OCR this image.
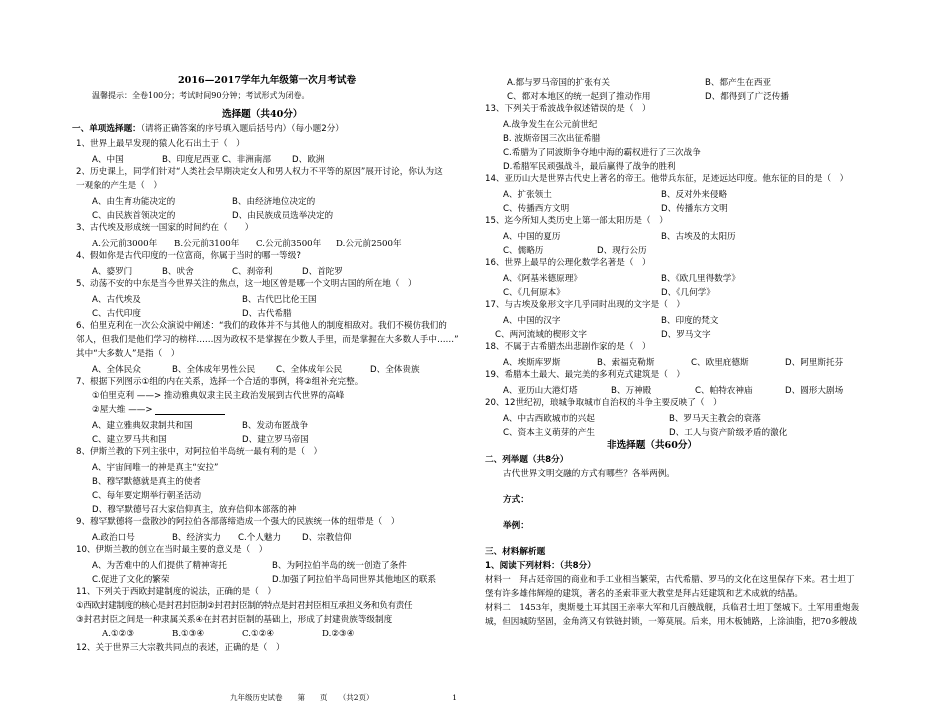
2016—2017学年九年级第一次月考试卷
温馨提示：全卷100分；考试时间90分钟；考试形式为闭卷。
选择题（共40分）
一、单项选择题：（请将正确答案的序号填入题后括号内）（每小题2分）
1、世界上最早发现的猿人化石出土于（　）
A、中国	B、印度尼西亚 C、非洲南部 D、欧洲
2、历史课上，同学们针对“人类社会早期决定女人和男人权力不平等的原因”展开讨论，你认为这
一观象的产生是（　）
A、由生育功能决定的	B、由经济地位决定的
C、由民族首领决定的	D、由民族成员选举决定的
3、古代埃及形成统一国家的时间约在（　　）
A.公元前3000年 B.公元前3100年 C.公元前3500年 D.公元前2500年
4、假如你是古代印度的一位富商，你属于当时的哪一等级?
A、婆罗门	B、吠舍	C、刹帝利	D、首陀罗
5、动荡不安的中东是当今世界关注的焦点，这一地区曾是哪一个文明古国的所在地（　）
A、古代埃及	B、古代巴比伦王国
C、古代印度	D、古代希腊
6、伯里克利在一次公众演说中阐述：“我们的政体并不与其他人的制度相敌对。我们不模仿我们的
邻人，但我们是他们学习的榜样……因为政权不是掌握在少数人手里，而是掌握在大多数人手中……”
其中“大多数人”是指（　）
A、全体民众	B、全体成年男性公民 C、全体成年公民	D、全体贵族
7、根据下列图示①组的内在关系，选择一个合适的事例，将②组补充完整。
①伯里克利 ——> 推动雅典奴隶主民主政治发展到古代世界的高峰
②屋大维 ——>
A、建立雅典奴隶制共和国	B、发动布匿战争
C、建立罗马共和国	D、建立罗马帝国
8、伊斯兰教的下列主张中，对阿拉伯半岛统一最有利的是（　）
A、宇宙间唯一的神是真主“安拉”
B、穆罕默德就是真主的使者
C、每年要定期举行朝圣活动
D、穆罕默德号召大家信仰真主，放弃信仰本部落的神
9、穆罕默德将一盘散沙的阿拉伯各部落缔造成一个强大的民族统一体的纽带是（　）
A.政治口号	B、经济实力 C.个人魅力 D、宗教信仰
10、伊斯兰教的创立在当时最主要的意义是（　）
A、为苦难中的人们提供了精神寄托	B、为阿拉伯半岛的统一创造了条件
C.促进了文化的繁荣	D.加强了阿拉伯半岛同世界其他地区的联系
11、下列关于西欧封建制度的说法，正确的是（　）
①西欧封建制度的核心是封君封臣制②封君封臣制的特点是封君封臣相互承担义务和负有责任
③封君封臣之间是一种隶属关系④在封君封臣制的基础上，形成了封建贵族等级制度
A.①②③	B.①③④	C.①②④	D.②③④
12、关于世界三大宗教共同点的表述，正确的是（　）
A.都与罗马帝国的扩张有关	B、都产生在西亚
C、都对本地区的统一起到了推动作用	D、都得到了广泛传播
13、下列关于希波战争叙述错误的是（　）
A.战争发生在公元前世纪
B. 波斯帝国三次出征希腊
C.希腊为了同波斯争夺地中海的霸权进行了三次战争
D.希腊军民顽强战斗，最后赢得了战争的胜利
14、亚历山大是世界古代史上著名的帝王。他带兵东征，足迹远达印度。他东征的目的是（　）
A、扩张领土	B、反对外来侵略
C、传播西方文明	D、传播东方文明
15、迄今所知人类历史上第一部太阳历是（　）
A、中国的夏历	B、古埃及的太阳历
C、儒略历	D、现行公历
16、世界上最早的公理化数学名著是（　）
A、《阿基米德原理》	B、《欧几里得数学》
C、《几何原本》	D、《几何学》
17、与古埃及象形文字几乎同时出现的文字是（　）
A、中国的汉字	B、印度的梵文
C、两河流域的楔形文字	D、罗马文字
18、不属于古希腊杰出悲剧作家的是（　）
A、埃斯库罗斯	B、索福克勒斯	C、欧里庇德斯	D、阿里斯托芬
19、希腊本土最大、最完美的多利克式建筑是（　）
A、亚历山大港灯塔	B、万神殿	C、帕特农神庙	D、圆形大剧场
20、12世纪初，琅城争取城市自治权的斗争主要反映了（　）
A、中古西欧城市的兴起	B、罗马天主教会的衰落
C、资本主义萌芽的产生	D、工人与资产阶级矛盾的激化
非选择题（共60分）
二、列举题（共8分）
古代世界文明交融的方式有哪些？各举两例。
方式：
举例：
三、材料解析题
1、阅读下列材料：（共8分）
材料一　拜占廷帝国的商业和手工业相当繁荣，古代希腊、罗马的文化在这里保存下来。君士坦丁
堡有许多雄伟辉煌的建筑，著名的圣索菲亚大教堂是拜占廷建筑和艺术成就的结晶。
材料二　1453年，奥斯曼土耳其国王亲率大军和几百艘战舰，兵临君士坦丁堡城下。土军用重炮轰
城，但因城防坚固，金角湾又有铁链封锁，一筹莫展。后来，用木板铺路，上涂油脂，把70多艘战
九年级历史试卷　　第　　页　　（共2页）　　　　　　　　　　　1
